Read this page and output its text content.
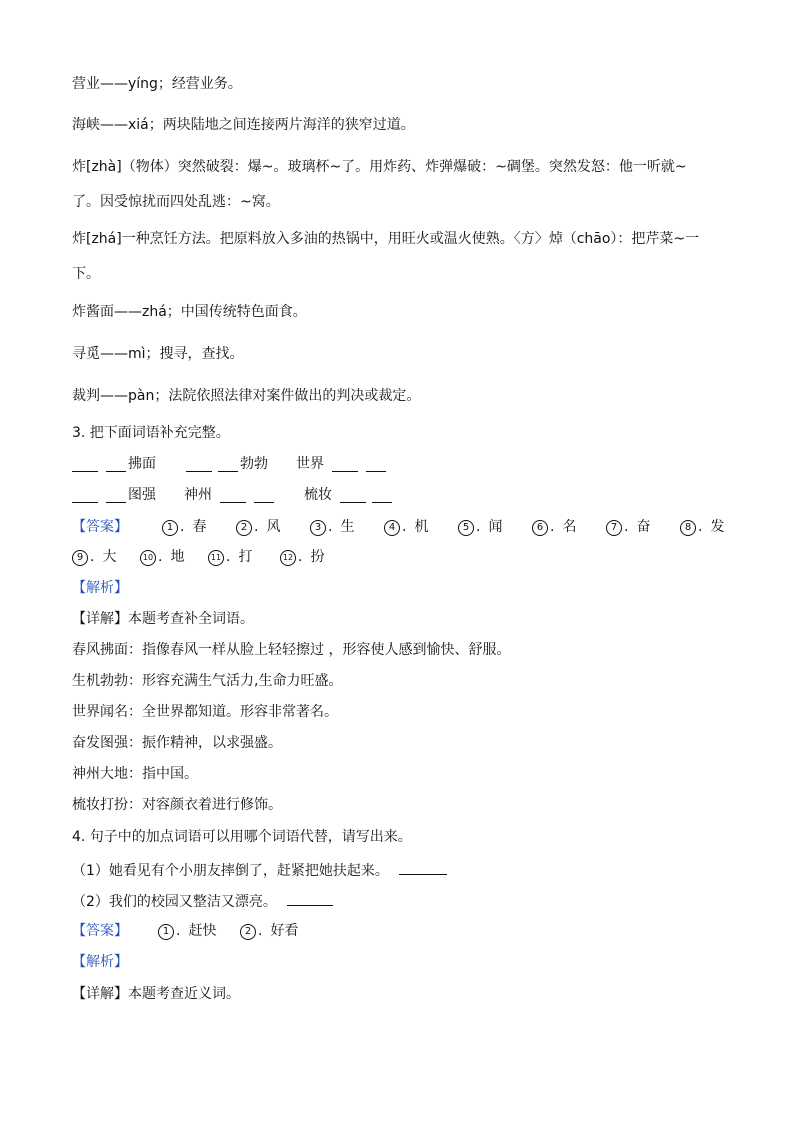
营业——yíng；经营业务。
海峡——xiá；两块陆地之间连接两片海洋的狭窄过道。
炸[zhà]（物体）突然破裂：爆~。玻璃杯~了。用炸药、炸弹爆破：~碉堡。突然发怒：他一听就~
了。因受惊扰而四处乱逃：~窝。
炸[zhá]一种烹饪方法。把原料放入多油的热锅中，用旺火或温火使熟。〈方〉焯（chāo）：把芹菜~一
下。
炸酱面——zhá；中国传统特色面食。
寻觅——mì；搜寻，查找。
裁判——pàn；法院依照法律对案件做出的判决或裁定。
3. 把下面词语补充完整。
拂面	勃勃 世界
图强 神州	梳妆
【答案】	1 . 春	2 . 风	3 . 生	4 . 机	5 . 闻	6 . 名	7 . 奋	8 . 发
9 . 大	10 . 地	11 . 打	12 . 扮
【解析】
【详解】本题考查补全词语。
春风拂面：指像春风一样从脸上轻轻擦过 ，形容使人感到愉快、舒服。
生机勃勃：形容充满生气活力,生命力旺盛。
世界闻名：全世界都知道。形容非常著名。
奋发图强：振作精神，以求强盛。
神州大地：指中国。
梳妆打扮：对容颜衣着进行修饰。
4. 句子中的加点词语可以用哪个词语代替，请写出来。
（1）她看见有个小朋友摔倒了，赶紧把她扶起来。
（2）我们的校园又整洁又漂亮。
【答案】	1 . 赶快	2 . 好看
【解析】
【详解】本题考查近义词。
